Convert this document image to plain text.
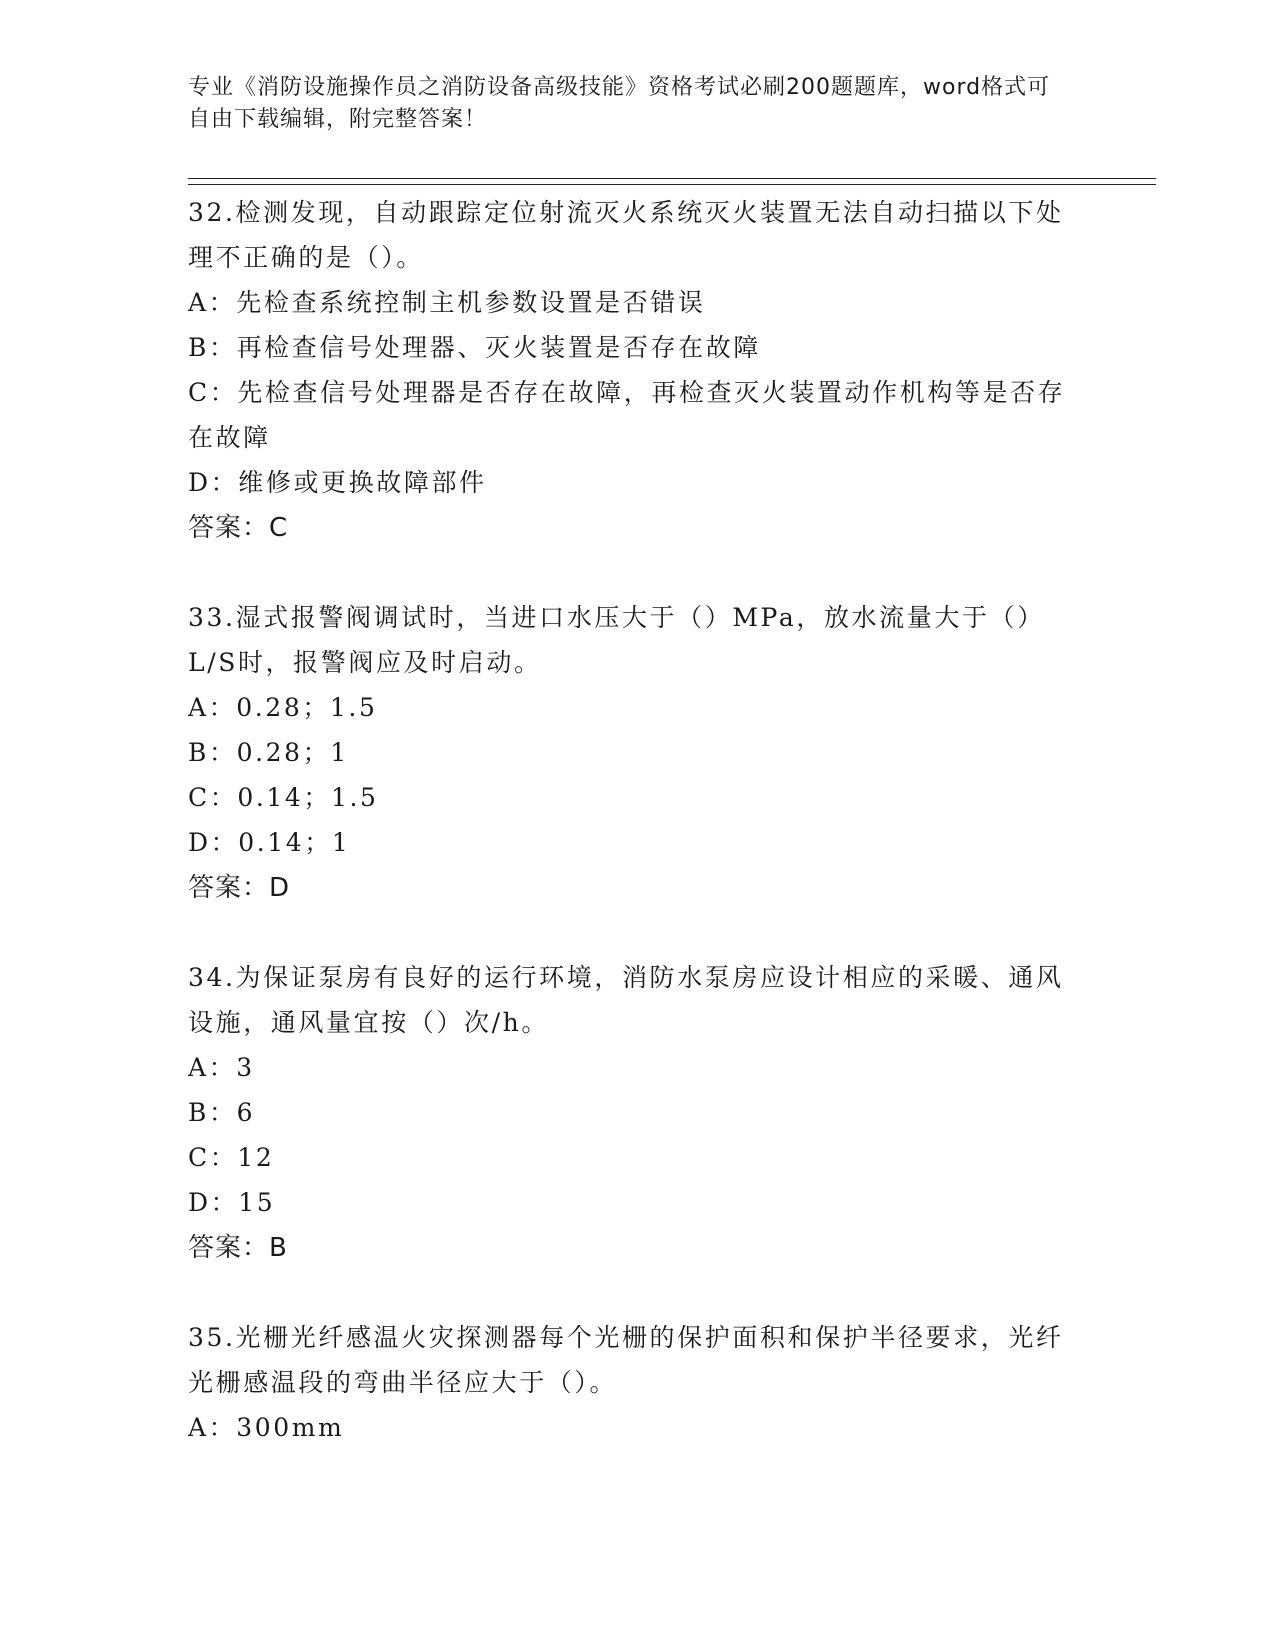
专业《消防设施操作员之消防设备高级技能》资格考试必刷200题题库，word格式可自由下载编辑，附完整答案！

32.检测发现，自动跟踪定位射流灭火系统灭火装置无法自动扫描以下处理不正确的是（）。

A：先检查系统控制主机参数设置是否错误

B：再检查信号处理器、灭火装置是否存在故障

C：先检查信号处理器是否存在故障，再检查灭火装置动作机构等是否存在故障

D：维修或更换故障部件

答案：C

33.湿式报警阀调试时，当进口水压大于（）MPa，放水流量大于（）L/S时，报警阀应及时启动。

A：0.28；1.5

B：0.28；1

C：0.14；1.5

D：0.14；1

答案：D

34.为保证泵房有良好的运行环境，消防水泵房应设计相应的采暖、通风设施，通风量宜按（）次/h。

A：3

B：6

C：12

D：15

答案：B

35.光栅光纤感温火灾探测器每个光栅的保护面积和保护半径要求，光纤光栅感温段的弯曲半径应大于（）。

A：300mm
